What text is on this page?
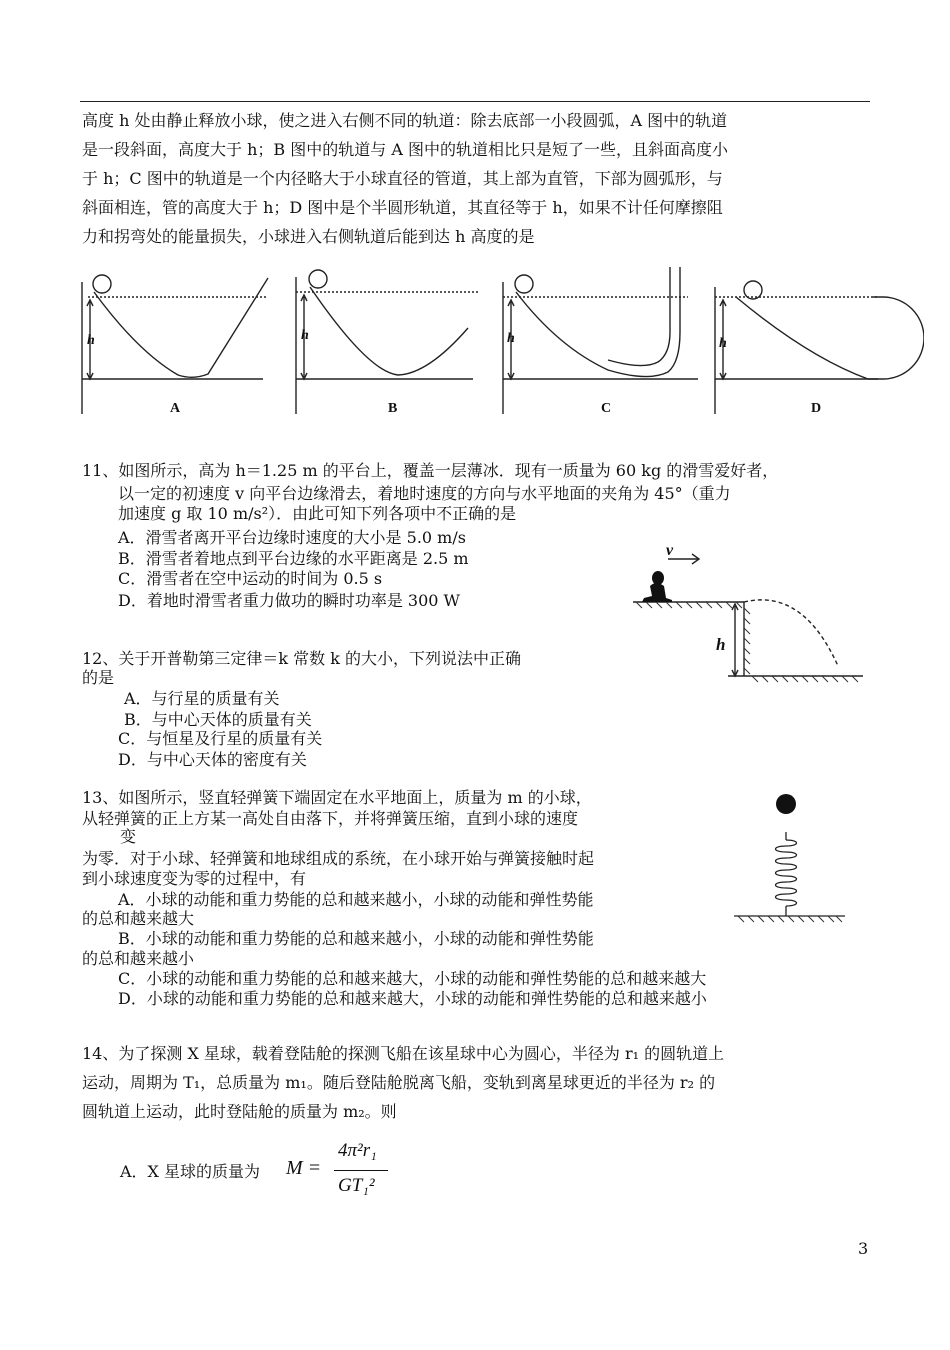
高度 h 处由静止释放小球，使之进入右侧不同的轨道：除去底部一小段圆弧，A 图中的轨道
是一段斜面，高度大于 h；B 图中的轨道与 A 图中的轨道相比只是短了一些，且斜面高度小
于 h；C 图中的轨道是一个内径略大于小球直径的管道，其上部为直管，下部为圆弧形，与
斜面相连，管的高度大于 h；D 图中是个半圆形轨道，其直径等于 h，如果不计任何摩擦阻
力和拐弯处的能量损失，小球进入右侧轨道后能到达 h 高度的是
h	h	h	h
A	B	C	D
11、如图所示，高为 h＝1.25 m 的平台上，覆盖一层薄冰．现有一质量为 60 kg 的滑雪爱好者，
以一定的初速度 v 向平台边缘滑去，着地时速度的方向与水平地面的夹角为 45°（重力
加速度 g 取 10 m/s²）．由此可知下列各项中不正确的是
A．滑雪者离开平台边缘时速度的大小是 5.0 m/s
B．滑雪者着地点到平台边缘的水平距离是 2.5 m
C．滑雪者在空中运动的时间为 0.5 s
D．着地时滑雪者重力做功的瞬时功率是 300 W
v
h
12、关于开普勒第三定律＝k 常数 k 的大小，下列说法中正确
的是
A．与行星的质量有关
B．与中心天体的质量有关
C．与恒星及行星的质量有关
D．与中心天体的密度有关
13、如图所示，竖直轻弹簧下端固定在水平地面上，质量为 m 的小球，
从轻弹簧的正上方某一高处自由落下，并将弹簧压缩，直到小球的速度
变
为零．对于小球、轻弹簧和地球组成的系统，在小球开始与弹簧接触时起
到小球速度变为零的过程中，有
A．小球的动能和重力势能的总和越来越小，小球的动能和弹性势能
的总和越来越大
B．小球的动能和重力势能的总和越来越小，小球的动能和弹性势能
的总和越来越小
C．小球的动能和重力势能的总和越来越大，小球的动能和弹性势能的总和越来越大
D．小球的动能和重力势能的总和越来越大，小球的动能和弹性势能的总和越来越小
14、为了探测 X 星球，载着登陆舱的探测飞船在该星球中心为圆心，半径为 r₁ 的圆轨道上
运动，周期为 T₁，总质量为 m₁。随后登陆舱脱离飞船，变轨到离星球更近的半径为 r₂ 的
圆轨道上运动，此时登陆舱的质量为 m₂。则
A．X 星球的质量为 M =
4π²r₁
GT₁²
3
